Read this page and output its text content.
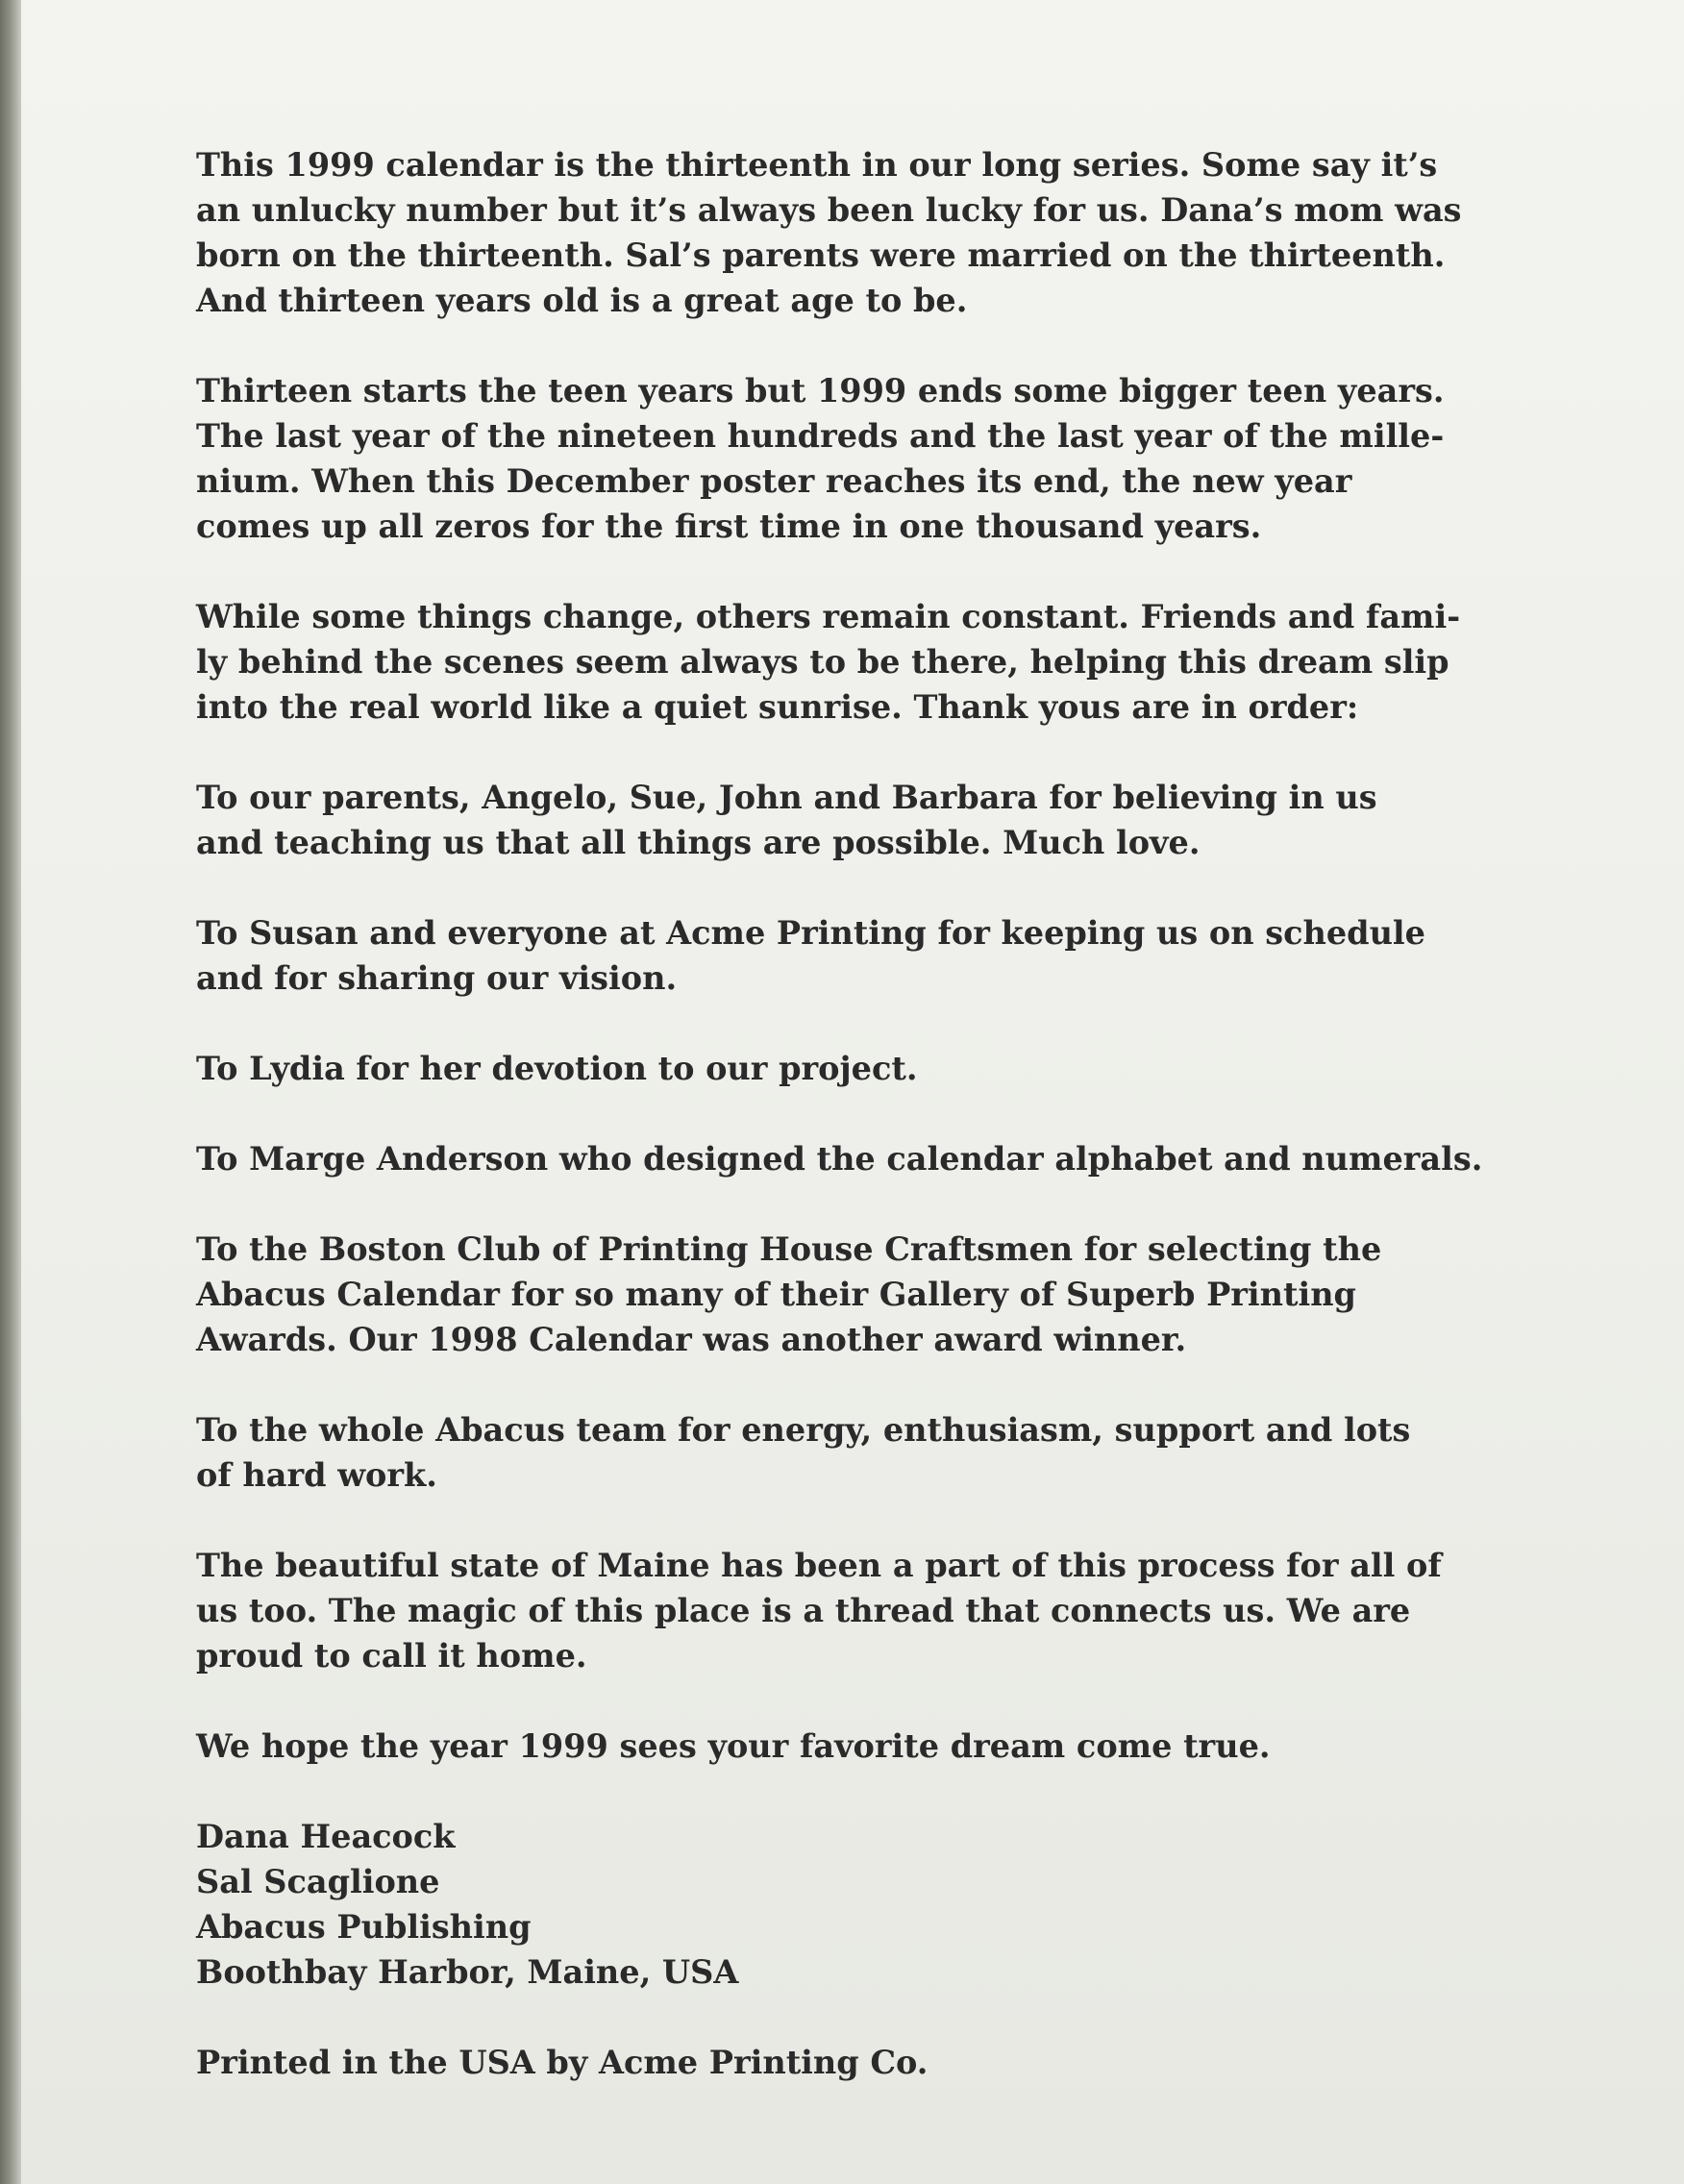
This 1999 calendar is the thirteenth in our long series. Some say it’s
an unlucky number but it’s always been lucky for us. Dana’s mom was
born on the thirteenth. Sal’s parents were married on the thirteenth.
And thirteen years old is a great age to be.
Thirteen starts the teen years but 1999 ends some bigger teen years.
The last year of the nineteen hundreds and the last year of the mille-
nium. When this December poster reaches its end, the new year
comes up all zeros for the first time in one thousand years.
While some things change, others remain constant. Friends and fami-
ly behind the scenes seem always to be there, helping this dream slip
into the real world like a quiet sunrise. Thank yous are in order:
To our parents, Angelo, Sue, John and Barbara for believing in us
and teaching us that all things are possible. Much love.
To Susan and everyone at Acme Printing for keeping us on schedule
and for sharing our vision.
To Lydia for her devotion to our project.
To Marge Anderson who designed the calendar alphabet and numerals.
To the Boston Club of Printing House Craftsmen for selecting the
Abacus Calendar for so many of their Gallery of Superb Printing
Awards. Our 1998 Calendar was another award winner.
To the whole Abacus team for energy, enthusiasm, support and lots
of hard work.
The beautiful state of Maine has been a part of this process for all of
us too. The magic of this place is a thread that connects us. We are
proud to call it home.
We hope the year 1999 sees your favorite dream come true.
Dana Heacock
Sal Scaglione
Abacus Publishing
Boothbay Harbor, Maine, USA
Printed in the USA by Acme Printing Co.
